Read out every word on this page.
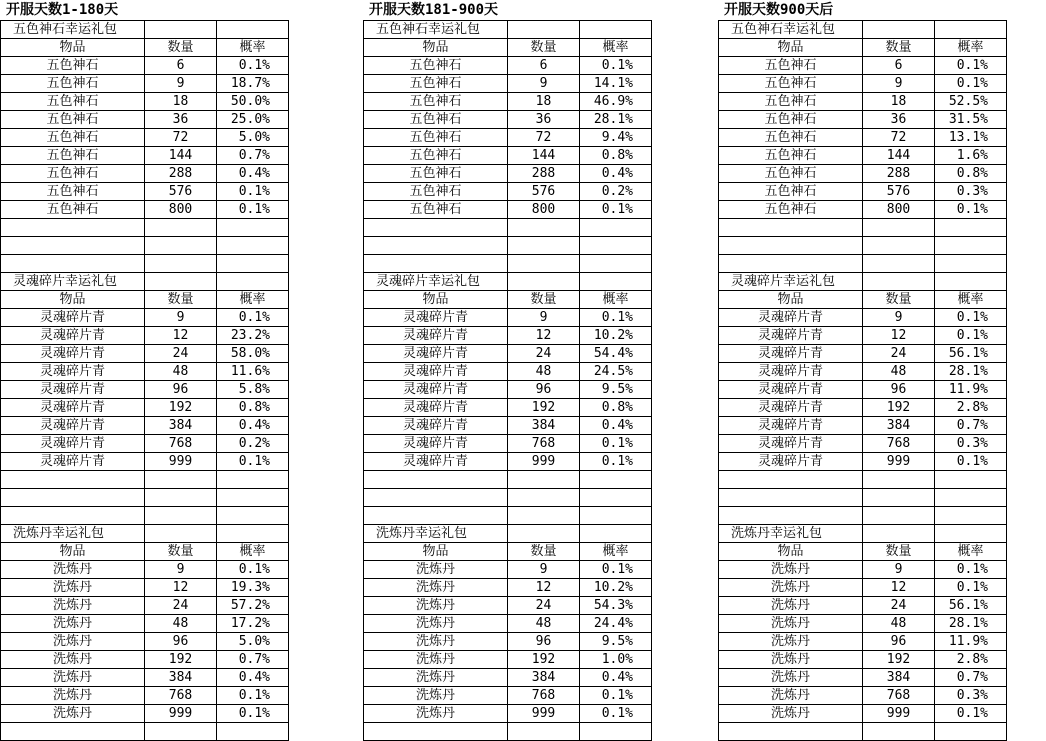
开服天数1-180天
五色神石幸运礼包		
物品	数量	概率
五色神石	6	0.1%
五色神石	9	18.7%
五色神石	18	50.0%
五色神石	36	25.0%
五色神石	72	5.0%
五色神石	144	0.7%
五色神石	288	0.4%
五色神石	576	0.1%
五色神石	800	0.1%

灵魂碎片幸运礼包		
物品	数量	概率
灵魂碎片青	9	0.1%
灵魂碎片青	12	23.2%
灵魂碎片青	24	58.0%
灵魂碎片青	48	11.6%
灵魂碎片青	96	5.8%
灵魂碎片青	192	0.8%
灵魂碎片青	384	0.4%
灵魂碎片青	768	0.2%
灵魂碎片青	999	0.1%

洗炼丹幸运礼包		
物品	数量	概率
洗炼丹	9	0.1%
洗炼丹	12	19.3%
洗炼丹	24	57.2%
洗炼丹	48	17.2%
洗炼丹	96	5.0%
洗炼丹	192	0.7%
洗炼丹	384	0.4%
洗炼丹	768	0.1%
洗炼丹	999	0.1%

开服天数181-900天
五色神石幸运礼包		
物品	数量	概率
五色神石	6	0.1%
五色神石	9	14.1%
五色神石	18	46.9%
五色神石	36	28.1%
五色神石	72	9.4%
五色神石	144	0.8%
五色神石	288	0.4%
五色神石	576	0.2%
五色神石	800	0.1%

灵魂碎片幸运礼包		
物品	数量	概率
灵魂碎片青	9	0.1%
灵魂碎片青	12	10.2%
灵魂碎片青	24	54.4%
灵魂碎片青	48	24.5%
灵魂碎片青	96	9.5%
灵魂碎片青	192	0.8%
灵魂碎片青	384	0.4%
灵魂碎片青	768	0.1%
灵魂碎片青	999	0.1%

洗炼丹幸运礼包		
物品	数量	概率
洗炼丹	9	0.1%
洗炼丹	12	10.2%
洗炼丹	24	54.3%
洗炼丹	48	24.4%
洗炼丹	96	9.5%
洗炼丹	192	1.0%
洗炼丹	384	0.4%
洗炼丹	768	0.1%
洗炼丹	999	0.1%

开服天数900天后
五色神石幸运礼包		
物品	数量	概率
五色神石	6	0.1%
五色神石	9	0.1%
五色神石	18	52.5%
五色神石	36	31.5%
五色神石	72	13.1%
五色神石	144	1.6%
五色神石	288	0.8%
五色神石	576	0.3%
五色神石	800	0.1%

灵魂碎片幸运礼包		
物品	数量	概率
灵魂碎片青	9	0.1%
灵魂碎片青	12	0.1%
灵魂碎片青	24	56.1%
灵魂碎片青	48	28.1%
灵魂碎片青	96	11.9%
灵魂碎片青	192	2.8%
灵魂碎片青	384	0.7%
灵魂碎片青	768	0.3%
灵魂碎片青	999	0.1%

洗炼丹幸运礼包		
物品	数量	概率
洗炼丹	9	0.1%
洗炼丹	12	0.1%
洗炼丹	24	56.1%
洗炼丹	48	28.1%
洗炼丹	96	11.9%
洗炼丹	192	2.8%
洗炼丹	384	0.7%
洗炼丹	768	0.3%
洗炼丹	999	0.1%
